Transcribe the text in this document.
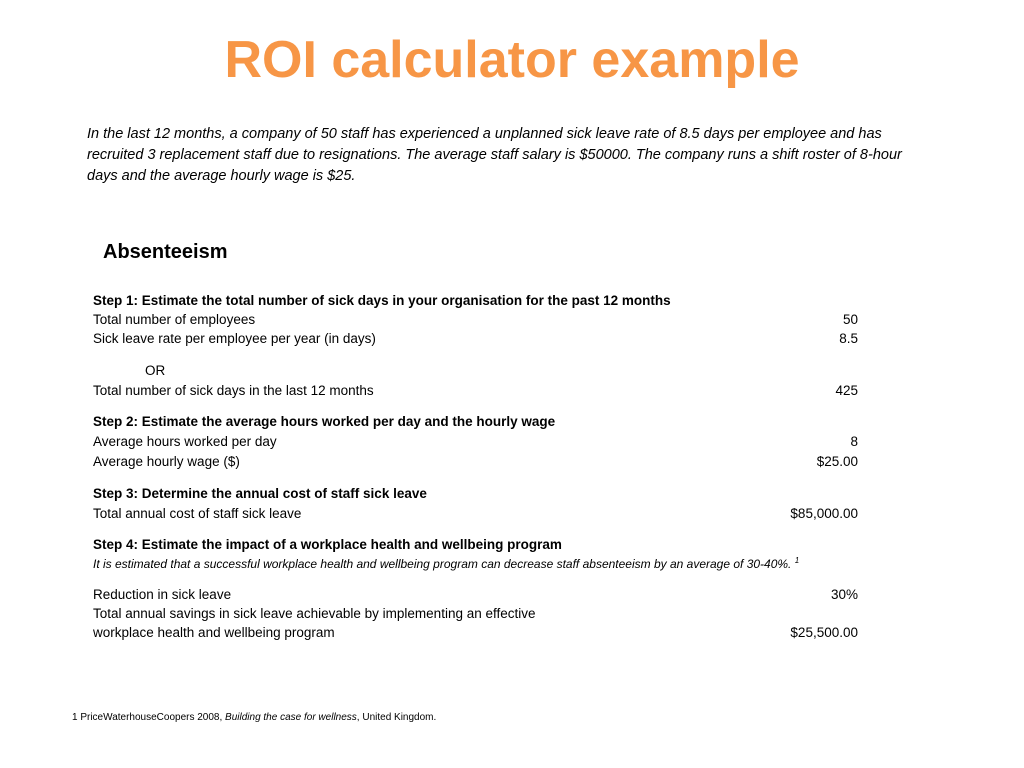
ROI calculator example
In the last 12 months, a company of 50 staff has experienced a unplanned sick leave rate of 8.5 days per employee and has recruited 3 replacement staff due to resignations. The average staff salary is $50000. The company runs a shift roster of 8-hour days and the average hourly wage is $25.
Absenteeism
Step 1: Estimate the total number of sick days in your organisation for the past 12 months
Total number of employees	50
Sick leave rate per employee per year (in days)	8.5
OR
Total number of sick days in the last 12 months	425
Step 2: Estimate the average hours worked per day and the hourly wage
Average hours worked per day	8
Average hourly wage ($)	$25.00
Step 3: Determine the annual cost of staff sick leave
Total annual cost of staff sick leave	$85,000.00
Step 4: Estimate the impact of a workplace health and wellbeing program
It is estimated that a successful workplace health and wellbeing program can decrease staff absenteeism by an average of 30-40%. $^1$
Reduction in sick leave	30%
Total annual savings in sick leave achievable by implementing an effective
workplace health and wellbeing program	$25,500.00
1 PriceWaterhouseCoopers 2008, Building the case for wellness, United Kingdom.
